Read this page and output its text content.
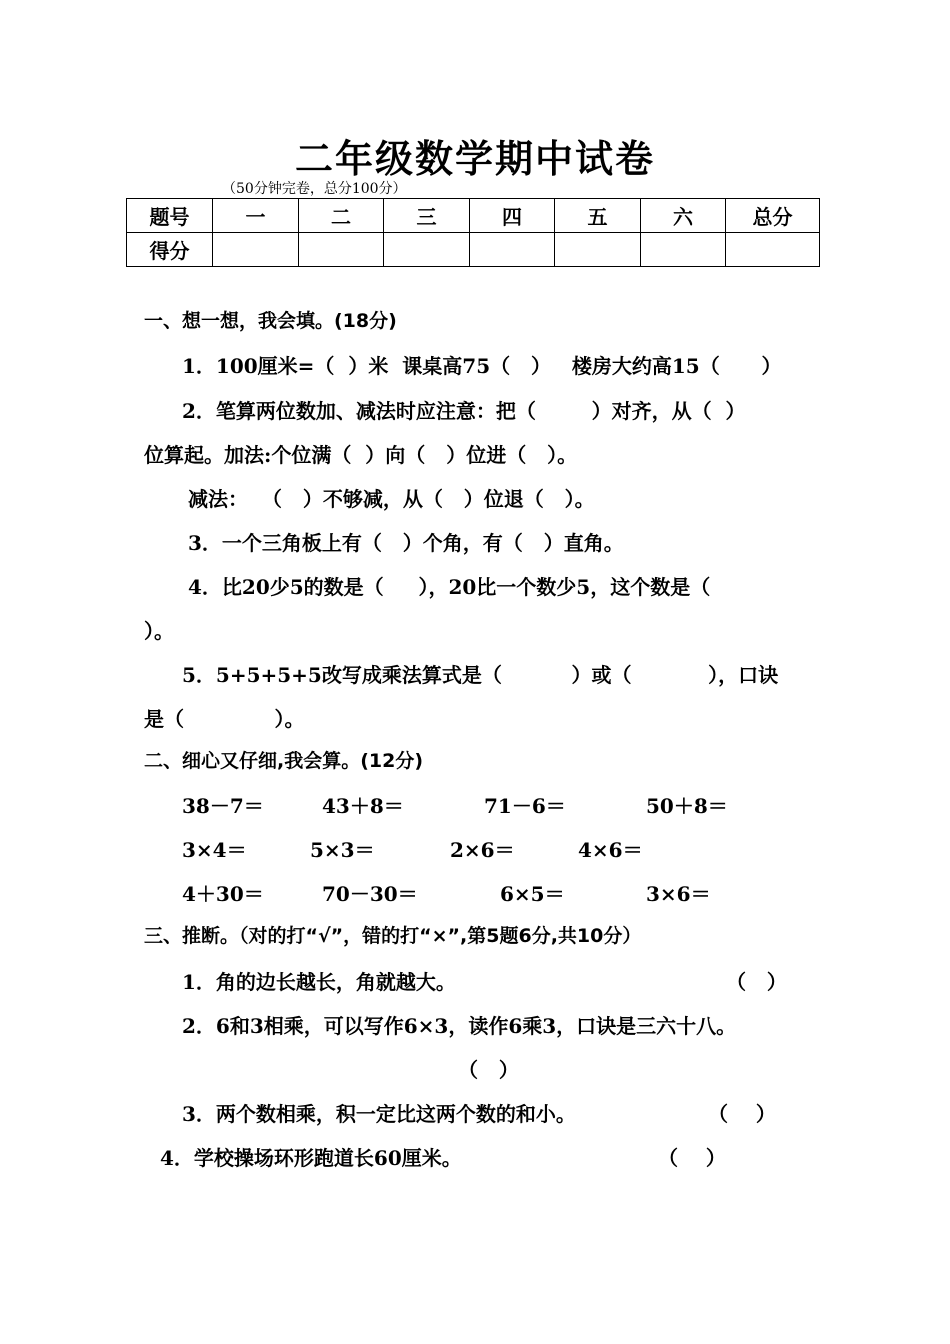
二年级数学期中试卷
（50分钟完卷，总分100分）
题号	一	二	三	四	五	六	总分
得分							
一、想一想，我会填。(18分)
1．100厘米=（  ）米  课桌高75（   ）   楼房大约高15（      ）
2．笔算两位数加、减法时应注意：把（        ）对齐，从（  ）
位算起。加法:个位满（  ）向（   ）位进（   ）。
减法：  （   ）不够减，从（   ）位退（   ）。
3．一个三角板上有（   ）个角，有（   ）直角。
4．比20少5的数是（     ），20比一个数少5，这个数是（
）。
5．5+5+5+5改写成乘法算式是（          ）或（           ），口诀
是（             ）。
二、细心又仔细,我会算。(12分)
38－7＝	43＋8＝	71－6＝	50＋8＝
3×4＝	5×3＝	2×6＝	4×6＝
4＋30＝	70－30＝	6×5＝	3×6＝
三、推断。（对的打“√”，错的打“×”,第5题6分,共10分）
1．角的边长越长，角就越大。	（   ）
2．6和3相乘，可以写作6×3，读作6乘3，口诀是三六十八。
（   ）
3．两个数相乘，积一定比这两个数的和小。	（    ）
4．学校操场环形跑道长60厘米。	（    ）
